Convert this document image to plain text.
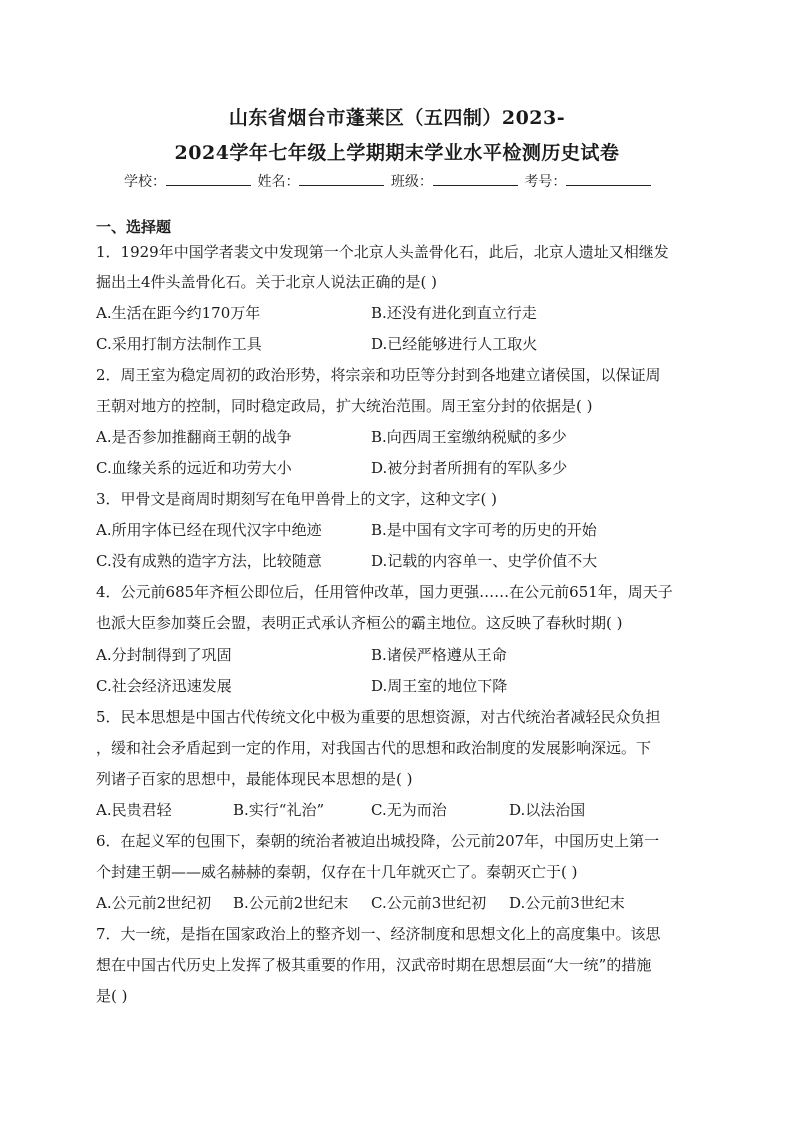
山东省烟台市蓬莱区（五四制）2023-
2024学年七年级上学期期末学业水平检测历史试卷
学校：	姓名：	班级：	考号：
一、选择题
1．1929年中国学者裴文中发现第一个北京人头盖骨化石，此后，北京人遗址又相继发
掘出土4件头盖骨化石。关于北京人说法正确的是( )
A.生活在距今约170万年	B.还没有进化到直立行走
C.采用打制方法制作工具	D.已经能够进行人工取火
2．周王室为稳定周初的政治形势，将宗亲和功臣等分封到各地建立诸侯国，以保证周
王朝对地方的控制，同时稳定政局，扩大统治范围。周王室分封的依据是( )
A.是否参加推翻商王朝的战争	B.向西周王室缴纳税赋的多少
C.血缘关系的远近和功劳大小	D.被分封者所拥有的军队多少
3．甲骨文是商周时期刻写在龟甲兽骨上的文字，这种文字( )
A.所用字体已经在现代汉字中绝迹	B.是中国有文字可考的历史的开始
C.没有成熟的造字方法，比较随意	D.记载的内容单一、史学价值不大
4．公元前685年齐桓公即位后，任用管仲改革，国力更强……在公元前651年，周天子
也派大臣参加葵丘会盟，表明正式承认齐桓公的霸主地位。这反映了春秋时期( )
A.分封制得到了巩固	B.诸侯严格遵从王命
C.社会经济迅速发展	D.周王室的地位下降
5．民本思想是中国古代传统文化中极为重要的思想资源，对古代统治者减轻民众负担
，缓和社会矛盾起到一定的作用，对我国古代的思想和政治制度的发展影响深远。下
列诸子百家的思想中，最能体现民本思想的是( )
A.民贵君轻	B.实行“礼治”	C.无为而治	D.以法治国
6．在起义军的包围下，秦朝的统治者被迫出城投降，公元前207年，中国历史上第一
个封建王朝——威名赫赫的秦朝，仅存在十几年就灭亡了。秦朝灭亡于( )
A.公元前2世纪初 B.公元前2世纪末 C.公元前3世纪初 D.公元前3世纪末
7．大一统，是指在国家政治上的整齐划一、经济制度和思想文化上的高度集中。该思
想在中国古代历史上发挥了极其重要的作用，汉武帝时期在思想层面“大一统”的措施
是( )
